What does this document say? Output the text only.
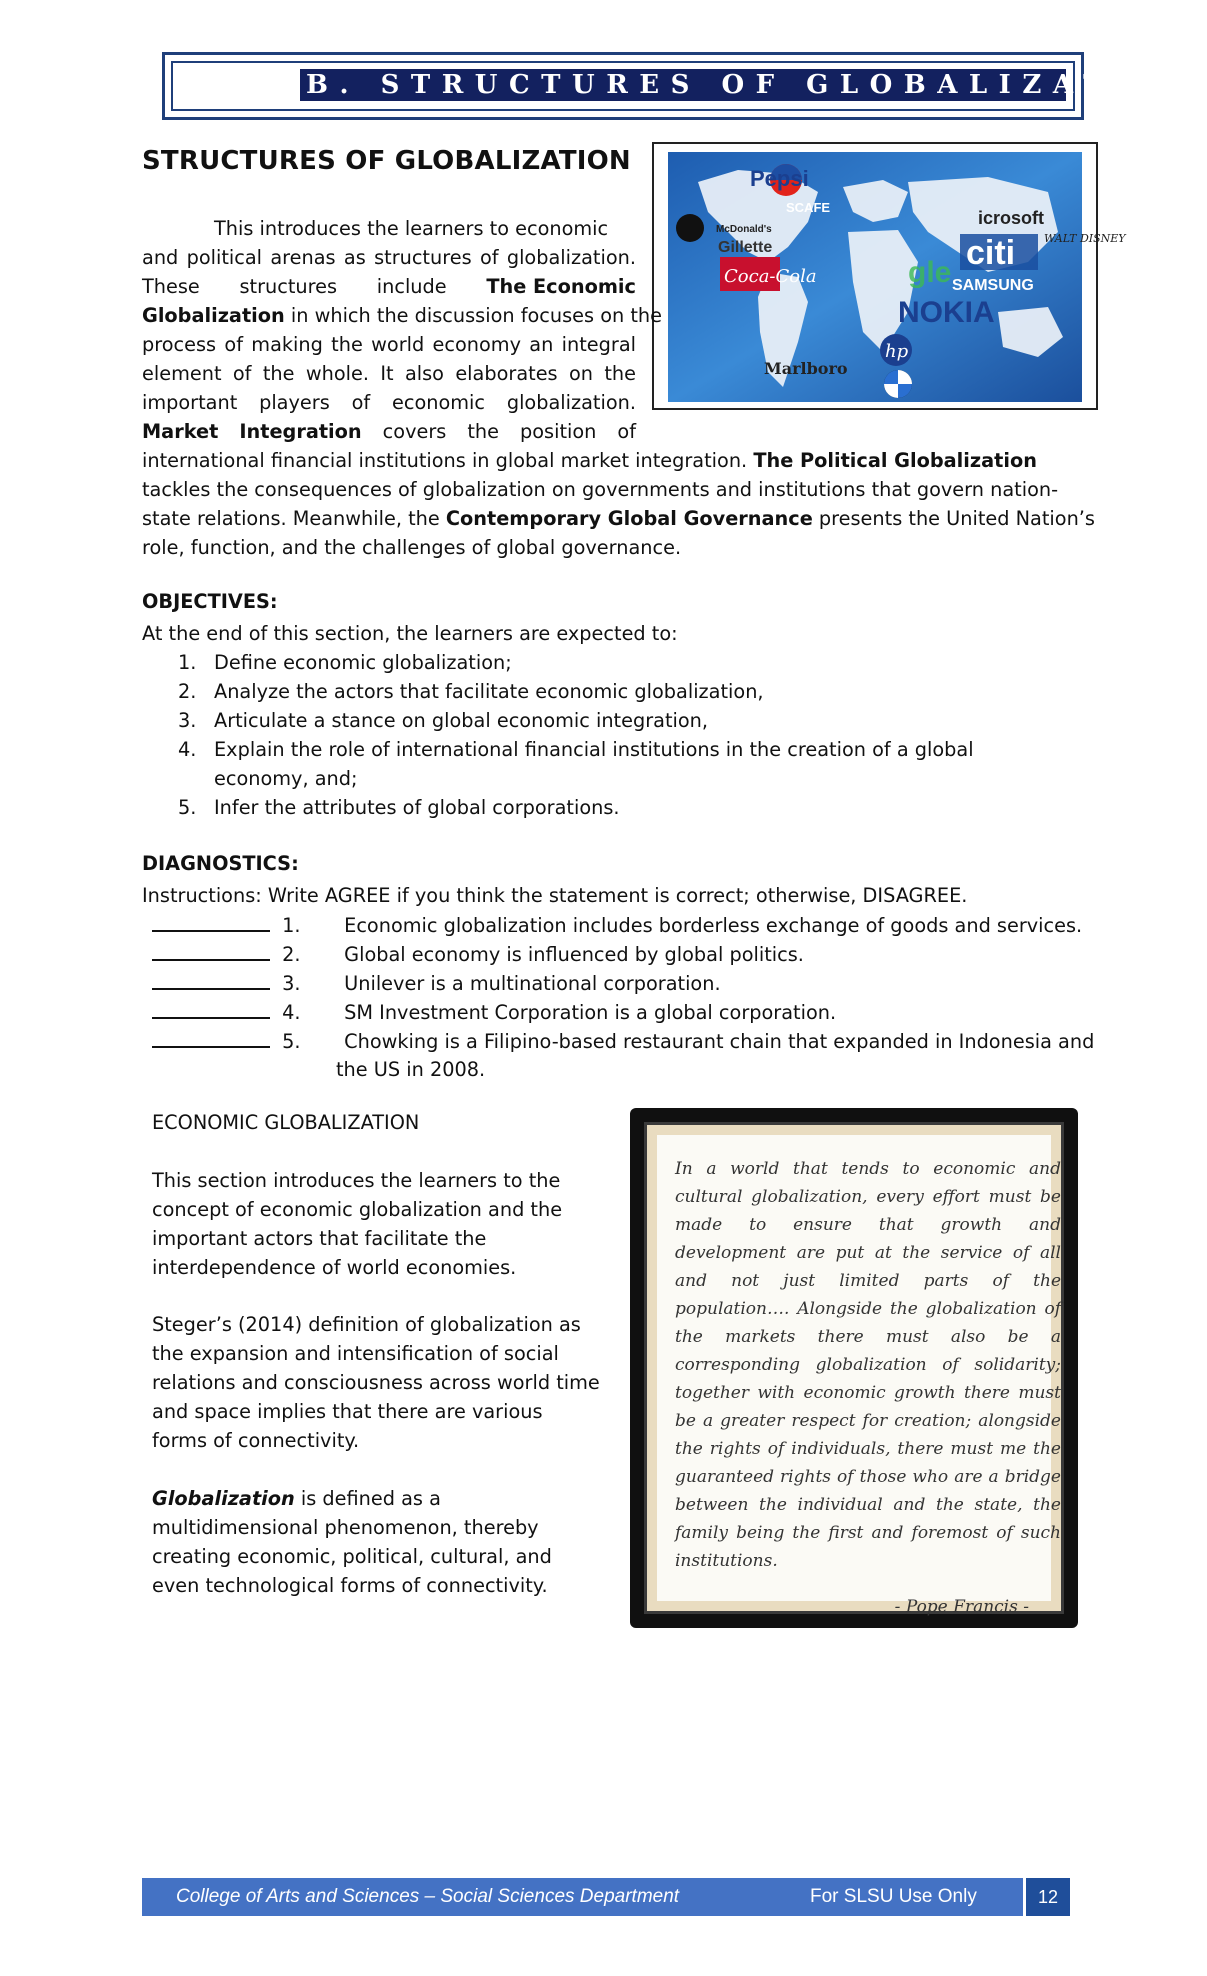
B. STRUCTURES OF GLOBALIZATION
STRUCTURES OF GLOBALIZATION
Pepsi
SCAFE
icrosoft
WALT DISNEY
citi
SAMSUNG
gle
NOKIA
hp
Marlboro
Coca-Cola
Gillette
McDonald's
This introduces the learners to economic
and political arenas as structures of globalization.
These structures include The Economic
Globalization in which the discussion focuses on the
process of making the world economy an integral
element of the whole. It also elaborates on the
important players of economic globalization.
Market Integration covers the position of
international financial institutions in global market integration. The Political Globalization
tackles the consequences of globalization on governments and institutions that govern nation-
state relations. Meanwhile, the Contemporary Global Governance presents the United Nation’s
role, function, and the challenges of global governance.
OBJECTIVES:
At the end of this section, the learners are expected to:
1. Define economic globalization;
2. Analyze the actors that facilitate economic globalization,
3. Articulate a stance on global economic integration,
4. Explain the role of international financial institutions in the creation of a global
economy, and;
5. Infer the attributes of global corporations.
DIAGNOSTICS:
Instructions: Write AGREE if you think the statement is correct; otherwise, DISAGREE.
1. Economic globalization includes borderless exchange of goods and services.
2. Global economy is influenced by global politics.
3. Unilever is a multinational corporation.
4. SM Investment Corporation is a global corporation.
5. Chowking is a Filipino-based restaurant chain that expanded in Indonesia and
the US in 2008.
ECONOMIC GLOBALIZATION
This section introduces the learners to the concept of economic globalization and the important actors that facilitate the interdependence of world economies.
Steger’s (2014) definition of globalization as the expansion and intensification of social relations and consciousness across world time and space implies that there are various forms of connectivity.
Globalization is defined as a multidimensional phenomenon, thereby creating economic, political, cultural, and even technological forms of connectivity.
In a world that tends to economic and cultural globalization, every effort must be made to ensure that growth and development are put at the service of all and not just limited parts of the population…. Alongside the globalization of the markets there must also be a corresponding globalization of solidarity; together with economic growth there must be a greater respect for creation; alongside the rights of individuals, there must me the guaranteed rights of those who are a bridge between the individual and the state, the family being the first and foremost of such institutions.
- Pope Francis -
College of Arts and Sciences – Social Sciences Department	For SLSU Use Only	12
